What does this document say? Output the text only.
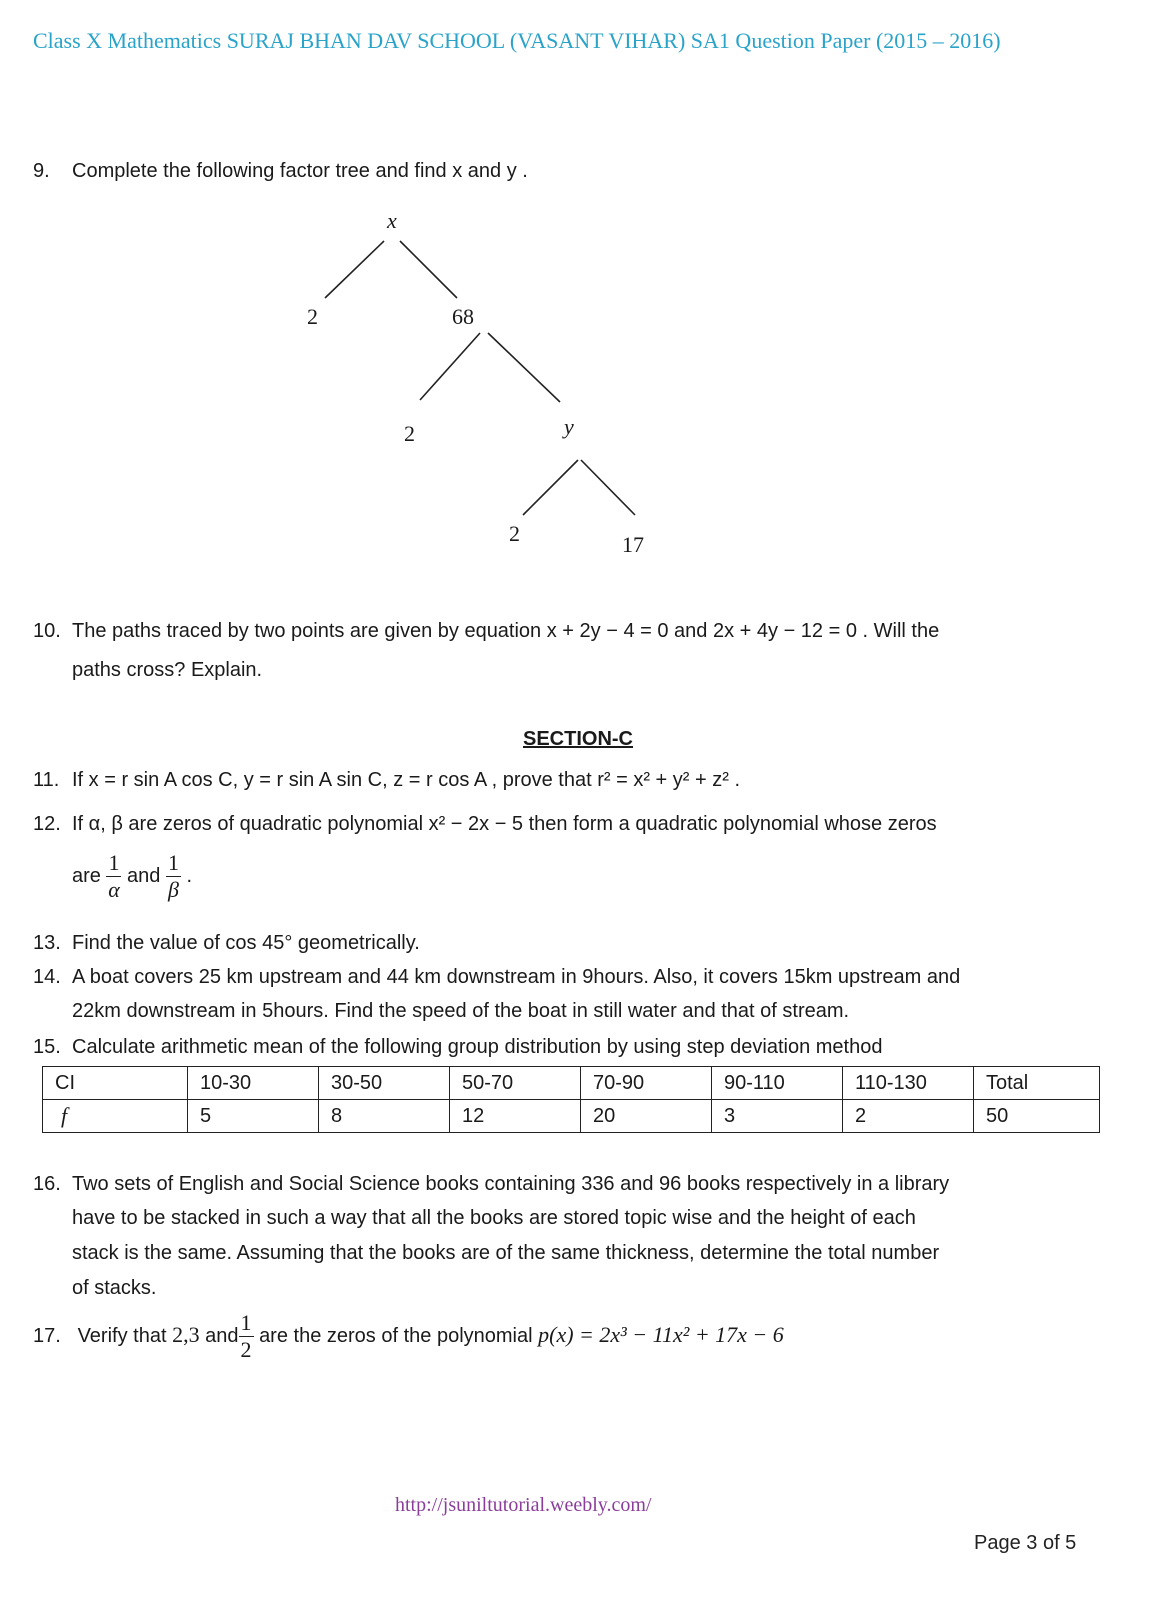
Class X Mathematics SURAJ BHAN DAV SCHOOL (VASANT VIHAR) SA1 Question Paper (2015 – 2016)
9. Complete the following factor tree and find x and y .
x
2	68
2	y
2	17
10. The paths traced by two points are given by equation x + 2y − 4 = 0 and 2x + 4y − 12 = 0 . Will the
paths cross? Explain.
SECTION-C
11. If x = r sin A cos C, y = r sin A sin C, z = r cos A , prove that r² = x² + y² + z² .
12. If α, β are zeros of quadratic polynomial x² − 2x − 5 then form a quadratic polynomial whose zeros
are $\frac{1}{\alpha}$ and $\frac{1}{\beta}$ .
13. Find the value of cos 45° geometrically.
14. A boat covers 25 km upstream and 44 km downstream in 9hours. Also, it covers 15km upstream and
22km downstream in 5hours. Find the speed of the boat in still water and that of stream.
15. Calculate arithmetic mean of the following group distribution by using step deviation method
CI	10-30	30-50	50-70	70-90	90-110	110-130	Total
f	5	8	12	20	3	2	50
16. Two sets of English and Social Science books containing 336 and 96 books respectively in a library
have to be stacked in such a way that all the books are stored topic wise and the height of each
stack is the same. Assuming that the books are of the same thickness, determine the total number
of stacks.
17. Verify that 2,3 and $\frac{1}{2}$ are the zeros of the polynomial p(x) = 2x³ − 11x² + 17x − 6
http://jsuniltutorial.weebly.com/
Page 3 of 5
